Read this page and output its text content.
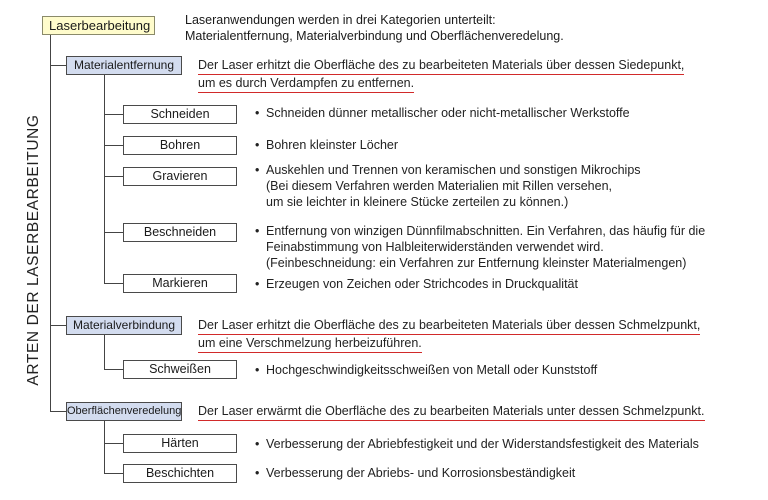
ARTEN DER LASERBEARBEITUNG
Laserbearbeitung	Laseranwendungen werden in drei Kategorien unterteilt:
Materialentfernung, Materialverbindung und Oberflächenveredelung.
Materialentfernung	Der Laser erhitzt die Oberfläche des zu bearbeiteten Materials über dessen Siedepunkt,
um es durch Verdampfen zu entfernen.
Schneiden	• Schneiden dünner metallischer oder nicht-metallischer Werkstoffe
Bohren	• Bohren kleinster Löcher
Gravieren	• Auskehlen und Trennen von keramischen und sonstigen Mikrochips
(Bei diesem Verfahren werden Materialien mit Rillen versehen,
um sie leichter in kleinere Stücke zerteilen zu können.)
Beschneiden	• Entfernung von winzigen Dünnfilmabschnitten. Ein Verfahren, das häufig für die
Feinabstimmung von Halbleiterwiderständen verwendet wird.
(Feinbeschneidung: ein Verfahren zur Entfernung kleinster Materialmengen)
Markieren	• Erzeugen von Zeichen oder Strichcodes in Druckqualität
Materialverbindung	Der Laser erhitzt die Oberfläche des zu bearbeiteten Materials über dessen Schmelzpunkt,
um eine Verschmelzung herbeizuführen.
Schweißen	• Hochgeschwindigkeitsschweißen von Metall oder Kunststoff
Oberflächenveredelung Der Laser erwärmt die Oberfläche des zu bearbeiten Materials unter dessen Schmelzpunkt.
Härten	• Verbesserung der Abriebfestigkeit und der Widerstandsfestigkeit des Materials
Beschichten	• Verbesserung der Abriebs- und Korrosionsbeständigkeit
